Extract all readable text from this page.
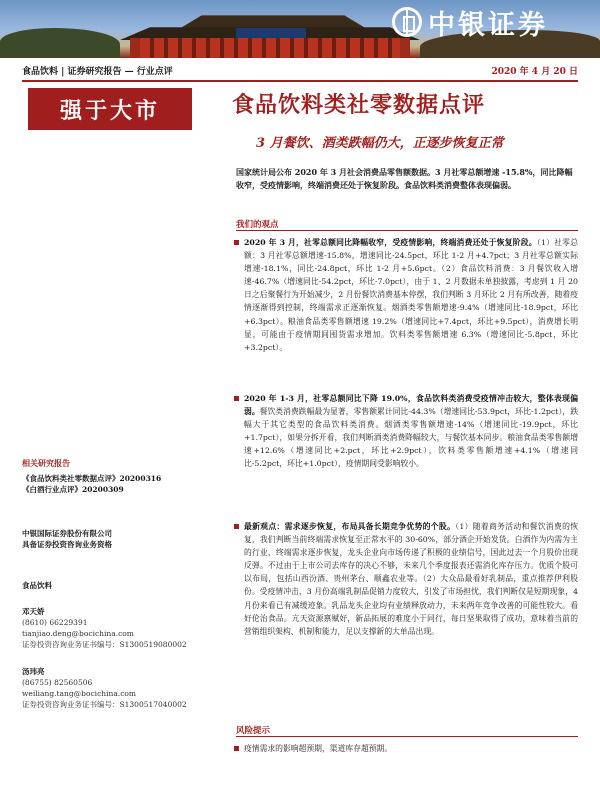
中银证券
食品饮料 | 证券研究报告 — 行业点评	2020 年 4 月 20 日
强于大市	食品饮料类社零数据点评
3 月餐饮、酒类跌幅仍大，正逐步恢复正常
国家统计局公布 2020 年 3 月社会消费品零售额数据。3 月社零总额增速 -15.8%，同比降幅收窄，受疫情影响，终端消费还处于恢复阶段。食品饮料类消费整体表现偏弱。
我们的观点
2020 年 3 月，社零总额同比降幅收窄，受疫情影响，终端消费还处于恢复阶段。（1）社零总额：3 月社零总额增速-15.8%，增速同比-24.5pct，环比 1-2 月+4.7pct；3 月社零总额实际增速-18.1%，同比-24.8pct，环比 1-2 月+5.6pct。（2）食品饮料消费：3 月餐饮收入增速-46.7%（增速同比-54.2pct，环比-7.0pct），由于 1、2 月数据未单独披露，考虑到 1 月 20 日之后聚餐行为开始减少，2 月份餐饮消费基本停摆，我们判断 3 月环比 2 月有所改善，随着疫情逐渐得到控制，终端需求正逐渐恢复。烟酒类零售额增速-9.4%（增速同比-18.9pct，环比+6.3pct）。粮油食品类零售额增速 19.2%（增速同比+7.4pct，环比+9.5pct），消费增长明显，可能由于疫情期间囤货需求增加。饮料类零售额增速 6.3%（增速同比-5.8pct，环比+3.2pct）。
2020 年 1-3 月，社零总额同比下降 19.0%，食品饮料类消费受疫情冲击较大，整体表现偏弱。餐饮类消费跌幅最为显著，零售额累计同比-44.3%（增速同比-53.9pct，环比-1.2pct），跌幅大于其它类型的食品饮料类消费。烟酒类零售额增速-14%（增速同比-19.9pct，环比+1.7pct），如果分拆开看，我们判断酒类消费降幅较大，与餐饮基本同步。粮油食品类零售额增速+12.6%（增速同比+2.pct，环比+2.9pct），饮料类零售额增速+4.1%（增速同比-5.2pct，环比+1.0pct），疫情期间受影响较小。
最新观点：需求逐步恢复，布局具备长期竞争优势的个股。（1）随着商务活动和餐饮消费的恢复，我们判断当前终端需求恢复至正常水平的 30-60%，部分酒企开始发货。白酒作为内需为主的行业，终端需求逐步恢复，龙头企业向市场传递了积极的业绩信号，国此过去一个月股价出现反弹。不过由于上市公司去库存的决心不够，未来几个季度报表还需消化库存压力。优质个股可以布局，包括山西汾酒、贵州茅台、顺鑫农业等。（2）大众品最看好乳制品，重点推荐伊利股份。受疫情冲击，3 月份高端乳制品促销力度较大，引发了市场担忧，我们判断仅是短期现象，4 月份来看已有减缓迹象。乳品龙头企业均有业绩释放动力，未来两年竞争改善的可能性较大。看好伦治食品。亢天资源禀赋好，新品拓展的难度小于同行，每日坚果取得了成功，意味着当前的营销组织架构、机制和能力，足以支撑新的大单品出现。
风险提示
疫情需求的影响超预期，渠道库存超预期。
相关研究报告
《食品饮料类社零数据点评》20200316
《白酒行业点评》20200309
中银国际证券股份有限公司
具备证券投资咨询业务资格
食品饮料
邓天娇
(8610) 66229391
tianjiao.deng@bocichina.com
证券投资咨询业务证书编号：S1300519080002
汤玮亮
(86755) 82560506
weiliang.tang@bocichina.com
证券投资咨询业务证书编号：S1300517040002
